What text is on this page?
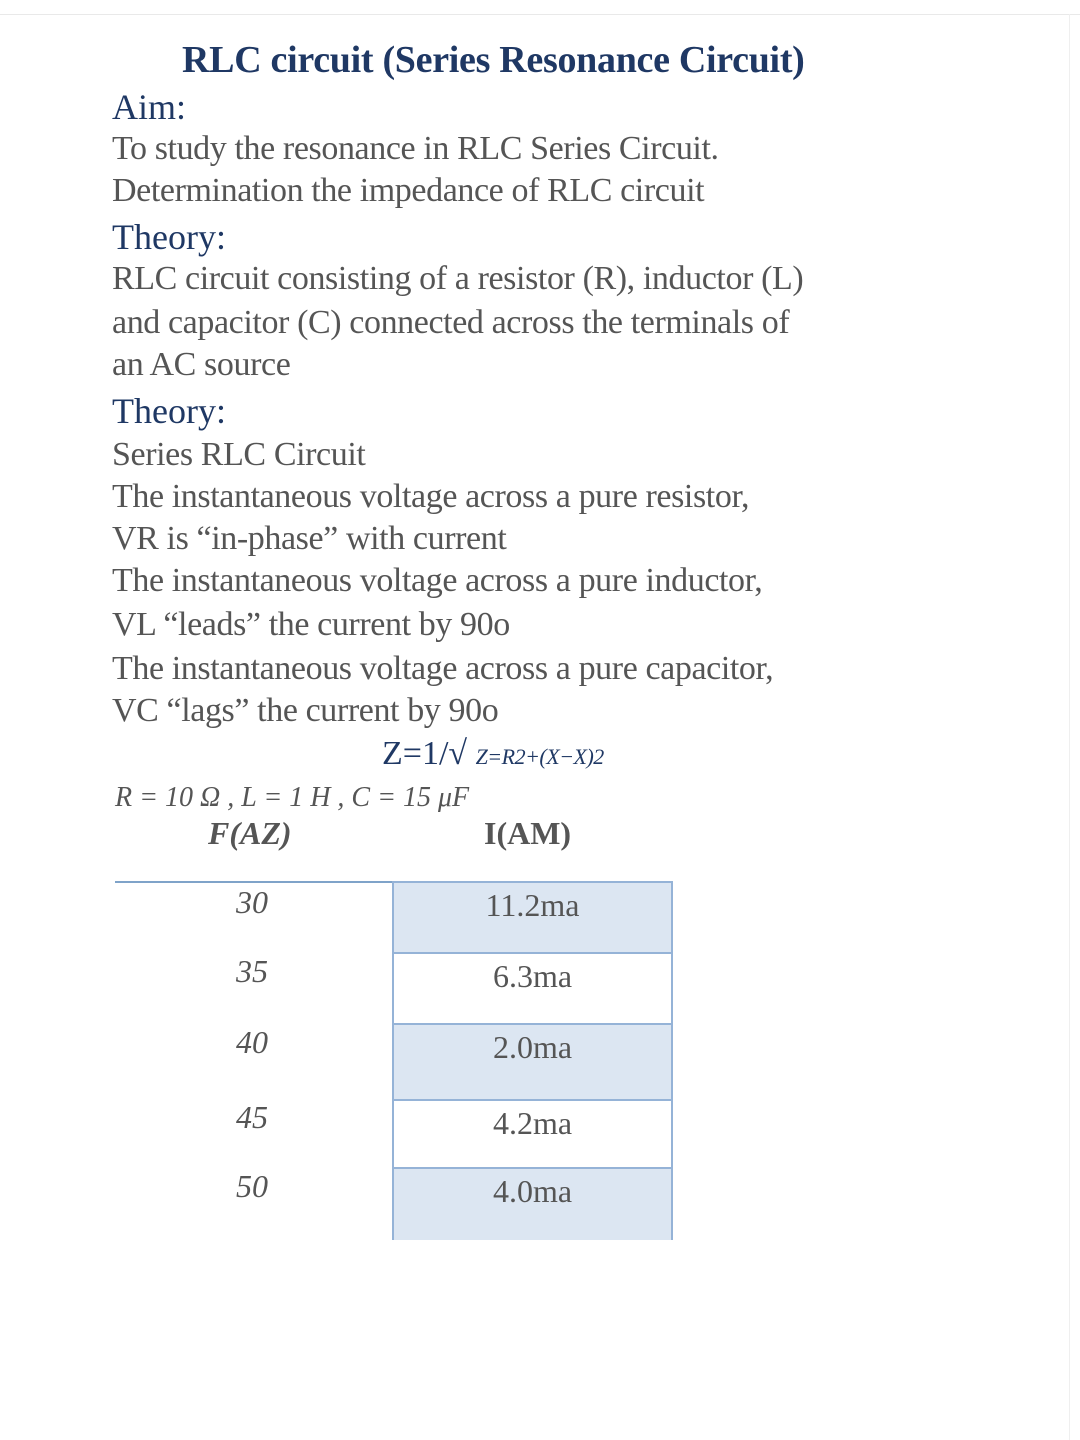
RLC circuit (Series Resonance Circuit)
Aim:
To study the resonance in RLC Series Circuit.
Determination the impedance of RLC circuit
Theory:
RLC circuit consisting of a resistor (R), inductor (L)
and capacitor (C) connected across the terminals of
an AC source
Theory:
Series RLC Circuit
The instantaneous voltage across a pure resistor,
VR is “in-phase” with current
The instantaneous voltage across a pure inductor,
VL “leads” the current by 90o
The instantaneous voltage across a pure capacitor,
VC “lags” the current by 90o
Z=1/√ Z=R2+(X−X)2
R = 10 Ω , L = 1 H , C = 15 μF
F(AZ)	I(AM)
30
35
40
45
50
11.2ma
6.3ma
2.0ma
4.2ma
4.0ma
